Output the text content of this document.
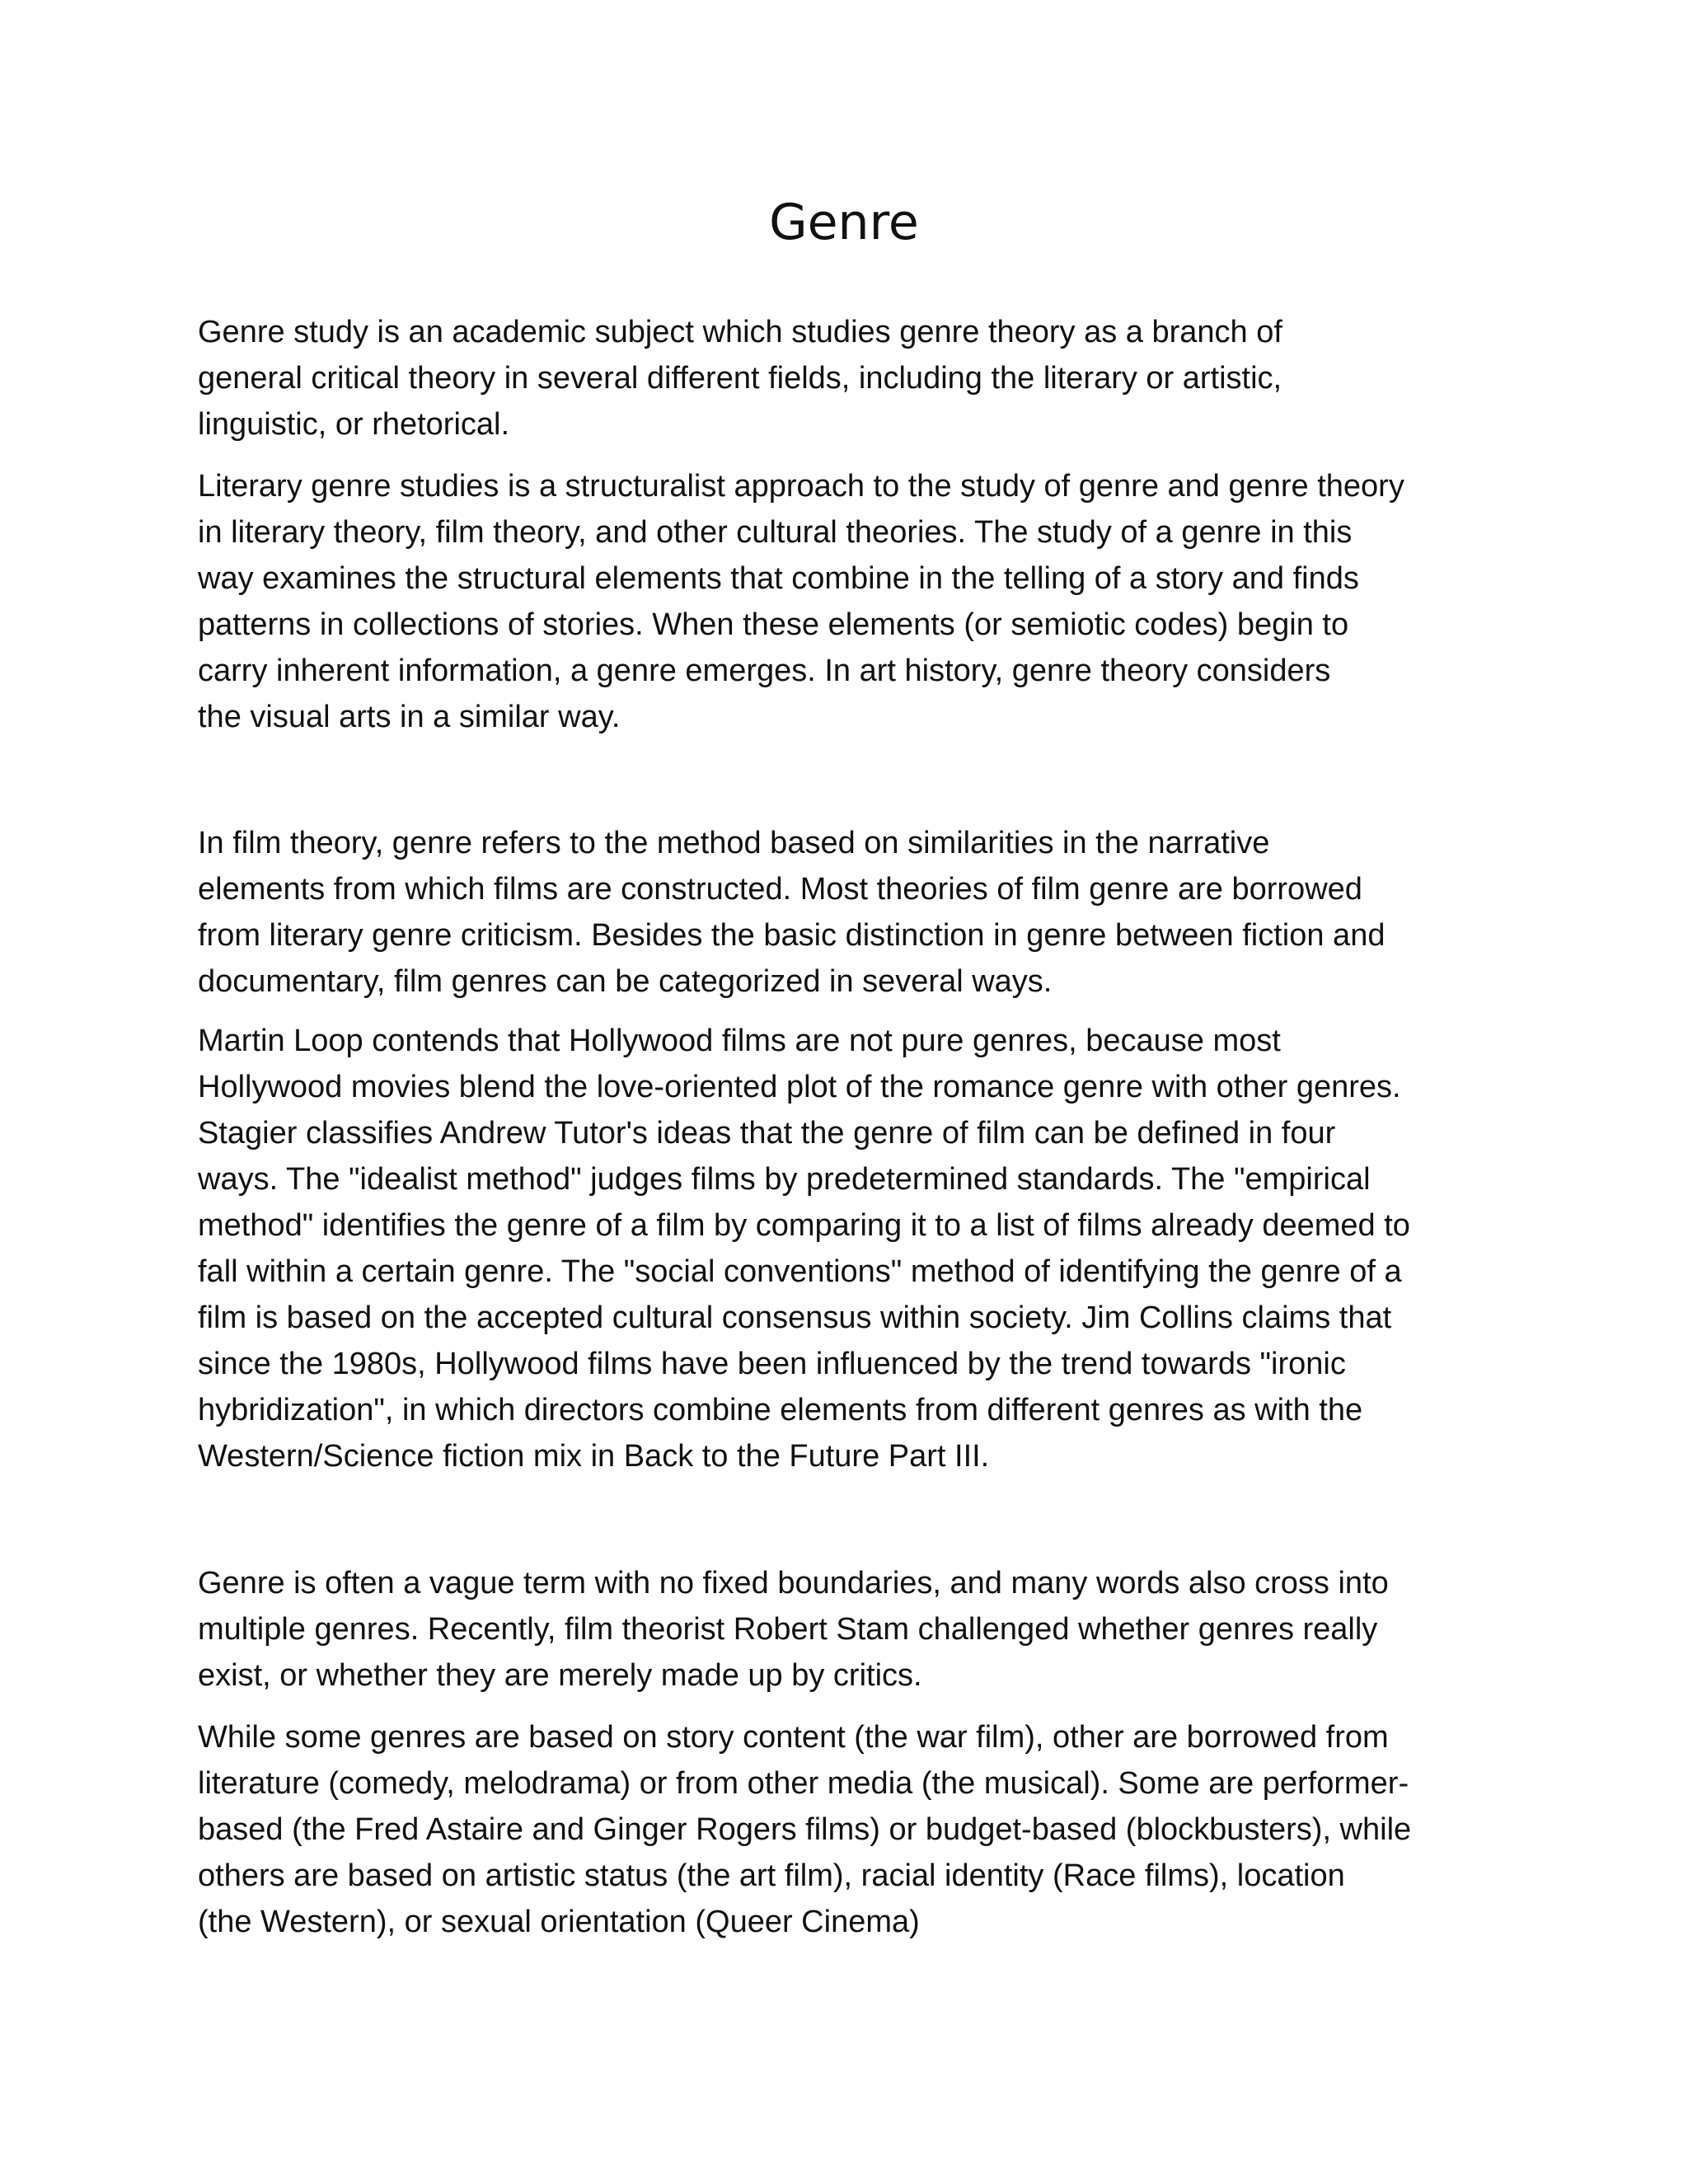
Genre
Genre study is an academic subject which studies genre theory as a branch of
general critical theory in several different fields, including the literary or artistic,
linguistic, or rhetorical.
Literary genre studies is a structuralist approach to the study of genre and genre theory
in literary theory, film theory, and other cultural theories. The study of a genre in this
way examines the structural elements that combine in the telling of a story and finds
patterns in collections of stories. When these elements (or semiotic codes) begin to
carry inherent information, a genre emerges. In art history, genre theory considers
the visual arts in a similar way.
In film theory, genre refers to the method based on similarities in the narrative
elements from which films are constructed. Most theories of film genre are borrowed
from literary genre criticism. Besides the basic distinction in genre between fiction and
documentary, film genres can be categorized in several ways.
Martin Loop contends that Hollywood films are not pure genres, because most
Hollywood movies blend the love-oriented plot of the romance genre with other genres.
Stagier classifies Andrew Tutor's ideas that the genre of film can be defined in four
ways. The "idealist method" judges films by predetermined standards. The "empirical
method" identifies the genre of a film by comparing it to a list of films already deemed to
fall within a certain genre. The "social conventions" method of identifying the genre of a
film is based on the accepted cultural consensus within society. Jim Collins claims that
since the 1980s, Hollywood films have been influenced by the trend towards "ironic
hybridization", in which directors combine elements from different genres as with the
Western/Science fiction mix in Back to the Future Part III.
Genre is often a vague term with no fixed boundaries, and many words also cross into
multiple genres. Recently, film theorist Robert Stam challenged whether genres really
exist, or whether they are merely made up by critics.
While some genres are based on story content (the war film), other are borrowed from
literature (comedy, melodrama) or from other media (the musical). Some are performer-
based (the Fred Astaire and Ginger Rogers films) or budget-based (blockbusters), while
others are based on artistic status (the art film), racial identity (Race films), location
(the Western), or sexual orientation (Queer Cinema)
